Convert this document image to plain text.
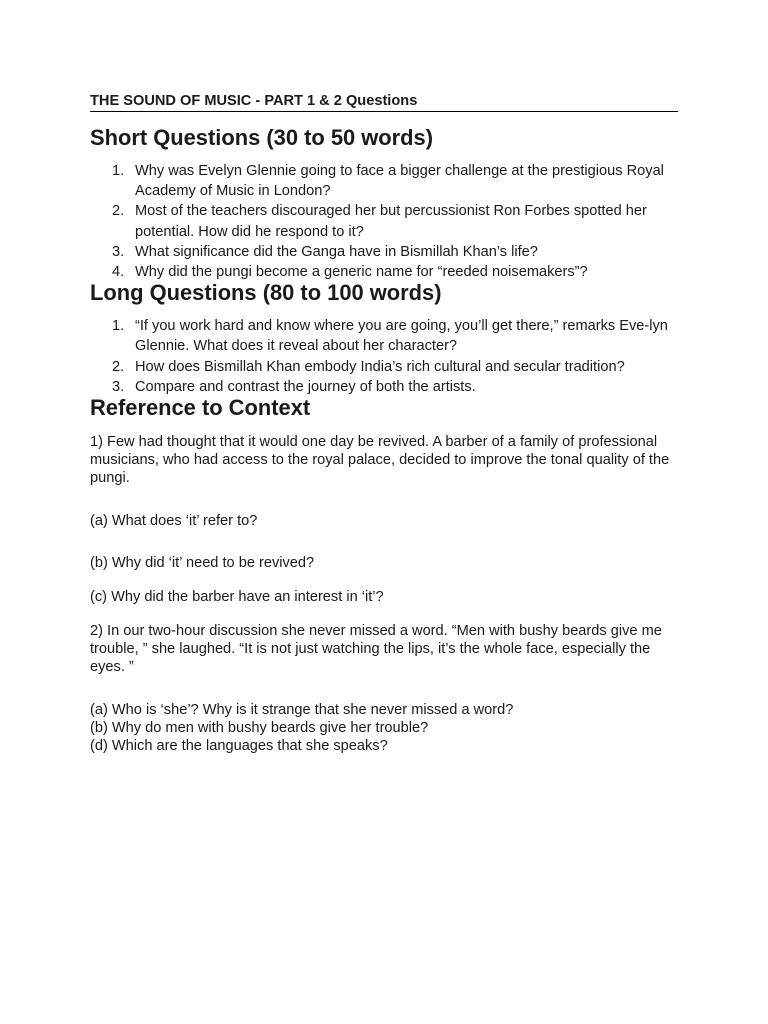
THE SOUND OF MUSIC - PART 1 & 2 Questions
Short Questions (30 to 50 words)
1. Why was Evelyn Glennie going to face a bigger challenge at the prestigious Royal Academy of Music in London?
2. Most of the teachers discouraged her but percussionist Ron Forbes spotted her potential. How did he respond to it?
3. What significance did the Ganga have in Bismillah Khan’s life?
4. Why did the pungi become a generic name for “reeded noisemakers”?
Long Questions (80 to 100 words)
1. “If you work hard and know where you are going, you’ll get there,” remarks Eve-lyn Glennie. What does it reveal about her character?
2. How does Bismillah Khan embody India’s rich cultural and secular tradition?
3. Compare and contrast the journey of both the artists.
Reference to Context

1) Few had thought that it would one day be revived. A barber of a family of professional musicians, who had access to the royal palace, decided to improve the tonal quality of the pungi.

(a) What does ‘it’ refer to?

(b) Why did ‘it’ need to be revived?

(c) Why did the barber have an interest in ‘it’?

2) In our two-hour discussion she never missed a word. “Men with bushy beards give me trouble, ” she laughed. “It is not just watching the lips, it’s the whole face, especially the eyes. ”

(a) Who is ‘she’? Why is it strange that she never missed a word?

(b) Why do men with bushy beards give her trouble?

(d) Which are the languages that she speaks?
